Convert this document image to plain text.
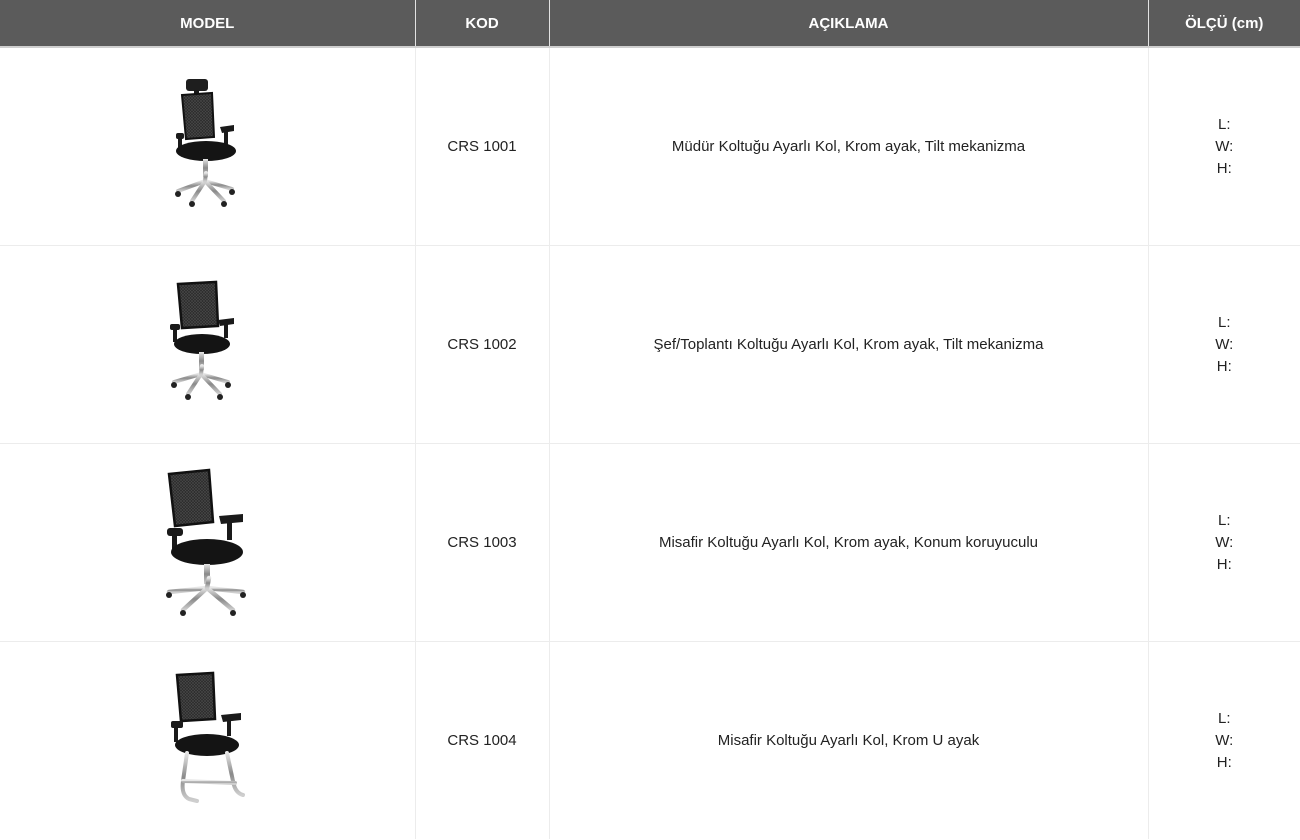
MODEL	KOD	AÇIKLAMA	ÖLÇÜ (cm)

	CRS 1001	Müdür Koltuğu Ayarlı Kol, Krom ayak, Tilt mekanizma	L:
W:
H:

	CRS 1002	Şef/Toplantı Koltuğu Ayarlı Kol, Krom ayak, Tilt mekanizma	L:
W:
H:

	CRS 1003	Misafir Koltuğu Ayarlı Kol, Krom ayak, Konum koruyuculu	L:
W:
H:

	CRS 1004	Misafir Koltuğu Ayarlı Kol, Krom U ayak	L:
W:
H:
